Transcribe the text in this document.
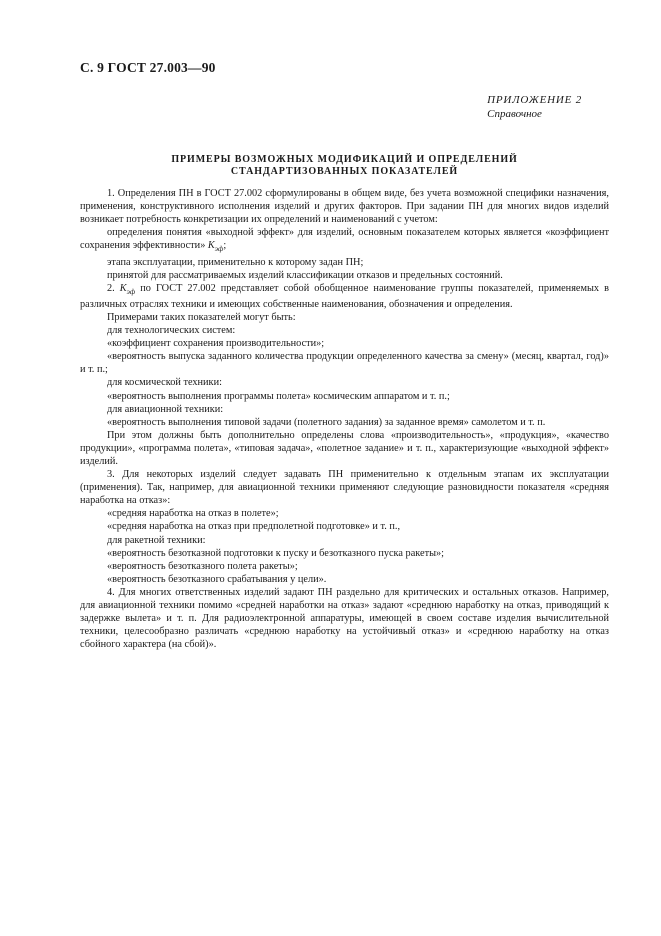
С. 9 ГОСТ 27.003—90
ПРИЛОЖЕНИЕ 2
Справочное
ПРИМЕРЫ ВОЗМОЖНЫХ МОДИФИКАЦИЙ И ОПРЕДЕЛЕНИЙ
СТАНДАРТИЗОВАННЫХ ПОКАЗАТЕЛЕЙ

1. Определения ПН в ГОСТ 27.002 сформулированы в общем виде, без учета возможной специфики назначения, применения, конструктивного исполнения изделий и других факторов. При задании ПН для многих видов изделий возникает потребность конкретизации их определений и наименований с учетом:

определения понятия «выходной эффект» для изделий, основным показателем которых является «коэффициент сохранения эффективности» $K_{эф}$;

этапа эксплуатации, применительно к которому задан ПН;

принятой для рассматриваемых изделий классификации отказов и предельных состояний.

2. $K_{эф}$ по ГОСТ 27.002 представляет собой обобщенное наименование группы показателей, применяемых в различных отраслях техники и имеющих собственные наименования, обозначения и определения.

Примерами таких показателей могут быть:

для технологических систем:

«коэффициент сохранения производительности»;

«вероятность выпуска заданного количества продукции определенного качества за смену» (месяц, квартал, год)» и т. п.;

для космической техники:

«вероятность выполнения программы полета» космическим аппаратом и т. п.;

для авиационной техники:

«вероятность выполнения типовой задачи (полетного задания) за заданное время» самолетом и т. п.

При этом должны быть дополнительно определены слова «производительность», «продукция», «качество продукции», «программа полета», «типовая задача», «полетное задание» и т. п., характеризующие «выходной эффект» изделий.

3. Для некоторых изделий следует задавать ПН применительно к отдельным этапам их эксплуатации (применения). Так, например, для авиационной техники применяют следующие разновидности показателя «средняя наработка на отказ»:

«средняя наработка на отказ в полете»;

«средняя наработка на отказ при предполетной подготовке» и т. п.,

для ракетной техники:

«вероятность безотказной подготовки к пуску и безотказного пуска ракеты»;

«вероятность безотказного полета ракеты»;

«вероятность безотказного срабатывания у цели».

4. Для многих ответственных изделий задают ПН раздельно для критических и остальных отказов. Например, для авиационной техники помимо «средней наработки на отказ» задают «среднюю наработку на отказ, приводящий к задержке вылета» и т. п. Для радиоэлектронной аппаратуры, имеющей в своем составе изделия вычислительной техники, целесообразно различать «среднюю наработку на устойчивый отказ» и «среднюю наработку на отказ сбойного характера (на сбой)».
